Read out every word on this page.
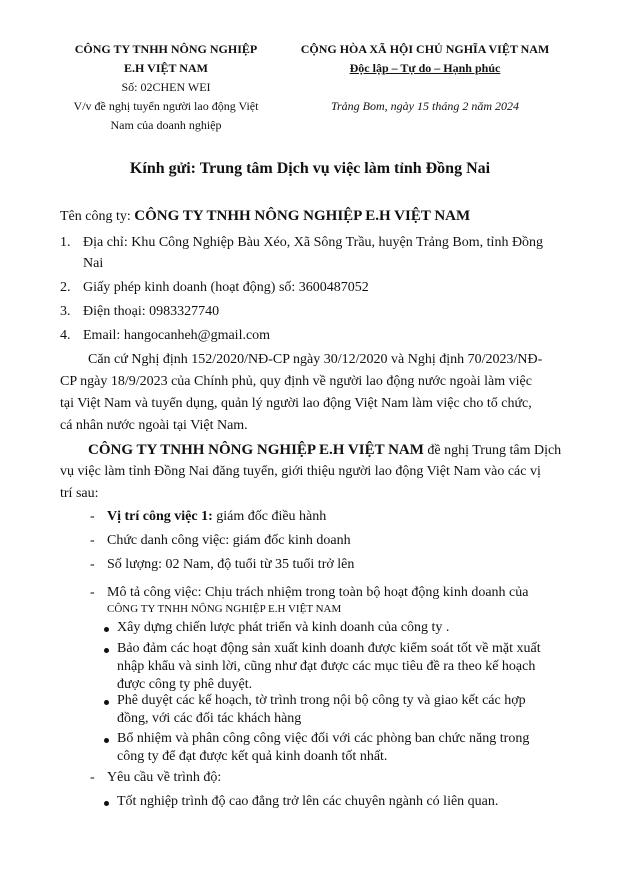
CÔNG TY TNHH NÔNG NGHIỆP
E.H VIỆT NAM
Số: 02CHEN WEI
V/v đề nghị tuyển người lao động Việt
Nam của doanh nghiệp
CỘNG HÒA XÃ HỘI CHỦ NGHĨA VIỆT NAM
Độc lập – Tự do – Hạnh phúc
Trảng Bom, ngày 15 tháng 2 năm 2024
Kính gửi: Trung tâm Dịch vụ việc làm tỉnh Đồng Nai
Tên công ty: CÔNG TY TNHH NÔNG NGHIỆP E.H VIỆT NAM
1. Địa chỉ: Khu Công Nghiệp Bàu Xéo, Xã Sông Trầu, huyện Trảng Bom, tỉnh Đồng
Nai
2. Giấy phép kinh doanh (hoạt động) số: 3600487052
3. Điện thoại: 0983327740
4. Email: hangocanheh@gmail.com
Căn cứ Nghị định 152/2020/NĐ-CP ngày 30/12/2020 và Nghị định 70/2023/NĐ-
CP ngày 18/9/2023 của Chính phủ, quy định về người lao động nước ngoài làm việc
tại Việt Nam và tuyển dụng, quản lý người lao động Việt Nam làm việc cho tổ chức,
cá nhân nước ngoài tại Việt Nam.
CÔNG TY TNHH NÔNG NGHIỆP E.H VIỆT NAM đề nghị Trung tâm Dịch
vụ việc làm tỉnh Đồng Nai đăng tuyển, giới thiệu người lao động Việt Nam vào các vị
trí sau:
- Vị trí công việc 1: giám đốc điều hành
- Chức danh công việc: giám đốc kinh doanh
- Số lượng: 02 Nam, độ tuổi từ 35 tuổi trở lên
- Mô tả công việc: Chịu trách nhiệm trong toàn bộ hoạt động kinh doanh của
CÔNG TY TNHH NÔNG NGHIỆP E.H VIỆT NAM
Xây dựng chiến lược phát triển và kinh doanh của công ty .
Bảo đảm các hoạt động sản xuất kinh doanh được kiểm soát tốt về mặt xuất
nhập khẩu và sinh lời, cũng như đạt được các mục tiêu đề ra theo kế hoạch
được công ty phê duyệt.
Phê duyệt các kế hoạch, tờ trình trong nội bộ công ty và giao kết các hợp
đồng, với các đối tác khách hàng
Bổ nhiệm và phân công công việc đối với các phòng ban chức năng trong
công ty để đạt được kết quả kinh doanh tốt nhất.
- Yêu cầu về trình độ:
Tốt nghiệp trình độ cao đẳng trở lên các chuyên ngành có liên quan.
